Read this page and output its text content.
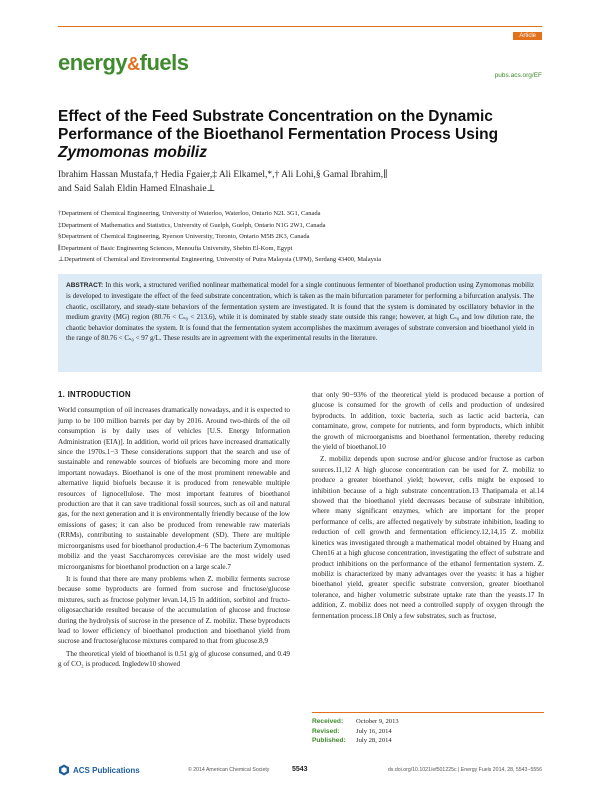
Article
energy&fuels
pubs.acs.org/EF
Effect of the Feed Substrate Concentration on the Dynamic Performance of the Bioethanol Fermentation Process Using
Zymomonas mobiliz
Ibrahim Hassan Mustafa,† Hedia Fgaier,‡ Ali Elkamel,*,† Ali Lohi,§ Gamal Ibrahim,∥
and Said Salah Eldin Hamed Elnashaie⊥
†Department of Chemical Engineering, University of Waterloo, Waterloo, Ontario N2L 3G1, Canada
‡Department of Mathematics and Statistics, University of Guelph, Guelph, Ontario N1G 2W1, Canada
§Department of Chemical Engineering, Ryerson University, Toronto, Ontario M5B 2K3, Canada
∥Department of Basic Engineering Sciences, Menoufia University, Shebin El-Kom, Egypt
⊥Department of Chemical and Environmental Engineering, University of Putra Malaysia (UPM), Serdang 43400, Malaysia
ABSTRACT: In this work, a structured verified nonlinear mathematical model for a single continuous fermenter of bioethanol production using Zymomonas mobiliz is developed to investigate the effect of the feed substrate concentration, which is taken as the main bifurcation parameter for performing a bifurcation analysis. The chaotic, oscillatory, and steady-state behaviors of the fermentation system are investigated. It is found that the system is dominated by oscillatory behavior in the medium gravity (MG) region (80.76 < Cₛ₀ < 213.6), while it is dominated by stable steady state outside this range; however, at high Cₛ₀ and low dilution rate, the chaotic behavior dominates the system. It is found that the fermentation system accomplishes the maximum averages of substrate conversion and bioethanol yield in the range of 80.76 < Cₛ₀ < 97 g/L. These results are in agreement with the experimental results in the literature.
1. INTRODUCTION

World consumption of oil increases dramatically nowadays, and it is expected to jump to be 100 million barrels per day by 2016. Around two-thirds of the oil consumption is by daily uses of vehicles [U.S. Energy Information Administration (EIA)]. In addition, world oil prices have increased dramatically since the 1970s.1−3 These considerations support that the search and use of sustainable and renewable sources of biofuels are becoming more and more important nowadays. Bioethanol is one of the most prominent renewable and alternative liquid biofuels because it is produced from renewable multiple resources of lignocellulose. The most important features of bioethanol production are that it can save traditional fossil sources, such as oil and natural gas, for the next generation and it is environmentally friendly because of the low emissions of gases; it can also be produced from renewable raw materials (RRMs), contributing to sustainable development (SD). There are multiple microorganisms used for bioethanol production.4−6 The bacterium Zymomonas mobiliz and the yeast Saccharomyces cerevisiae are the most widely used microorganisms for bioethanol production on a large scale.7

It is found that there are many problems when Z. mobiliz ferments sucrose because some byproducts are formed from sucrose and fructose/glucose mixtures, such as fructose polymer levan.14,15 In addition, sorbitol and fructo-oligosaccharide resulted because of the accumulation of glucose and fructose during the hydrolysis of sucrose in the presence of Z. mobiliz. These byproducts lead to lower efficiency of bioethanol production and bioethanol yield from sucrose and fructose/glucose mixtures compared to that from glucose.8,9

The theoretical yield of bioethanol is 0.51 g/g of glucose consumed, and 0.49 g of CO₂ is produced. Ingledew10 showed

that only 90−93% of the theoretical yield is produced because a portion of glucose is consumed for the growth of cells and production of undesired byproducts. In addition, toxic bacteria, such as lactic acid bacteria, can contaminate, grow, compete for nutrients, and form byproducts, which inhibit the growth of microorganisms and bioethanol fermentation, thereby reducing the yield of bioethanol.10

Z. mobiliz depends upon sucrose and/or glucose and/or fructose as carbon sources.11,12 A high glucose concentration can be used for Z. mobiliz to produce a greater bioethanol yield; however, cells might be exposed to inhibition because of a high substrate concentration.13 Thatipamala et al.14 showed that the bioethanol yield decreases because of substrate inhibition, where many significant enzymes, which are important for the proper performance of cells, are affected negatively by substrate inhibition, leading to reduction of cell growth and fermentation efficiency.12,14,15 Z. mobiliz kinetics was investigated through a mathematical model obtained by Huang and Chen16 at a high glucose concentration, investigating the effect of substrate and product inhibitions on the performance of the ethanol fermentation system. Z. mobiliz is characterized by many advantages over the yeasts: it has a higher bioethanol yield, greater specific substrate conversion, greater bioethanol tolerance, and higher volumetric substrate uptake rate than the yeasts.17 In addition, Z. mobiliz does not need a controlled supply of oxygen through the fermentation process.18 Only a few substrates, such as fructose,

Received: October 9, 2013
Revised:	July 16, 2014
Published: July 28, 2014
ACS Publications	© 2014 American Chemical Society	5543	dx.doi.org/10.1021/ef501225c | Energy Fuels 2014, 28, 5543−5556
